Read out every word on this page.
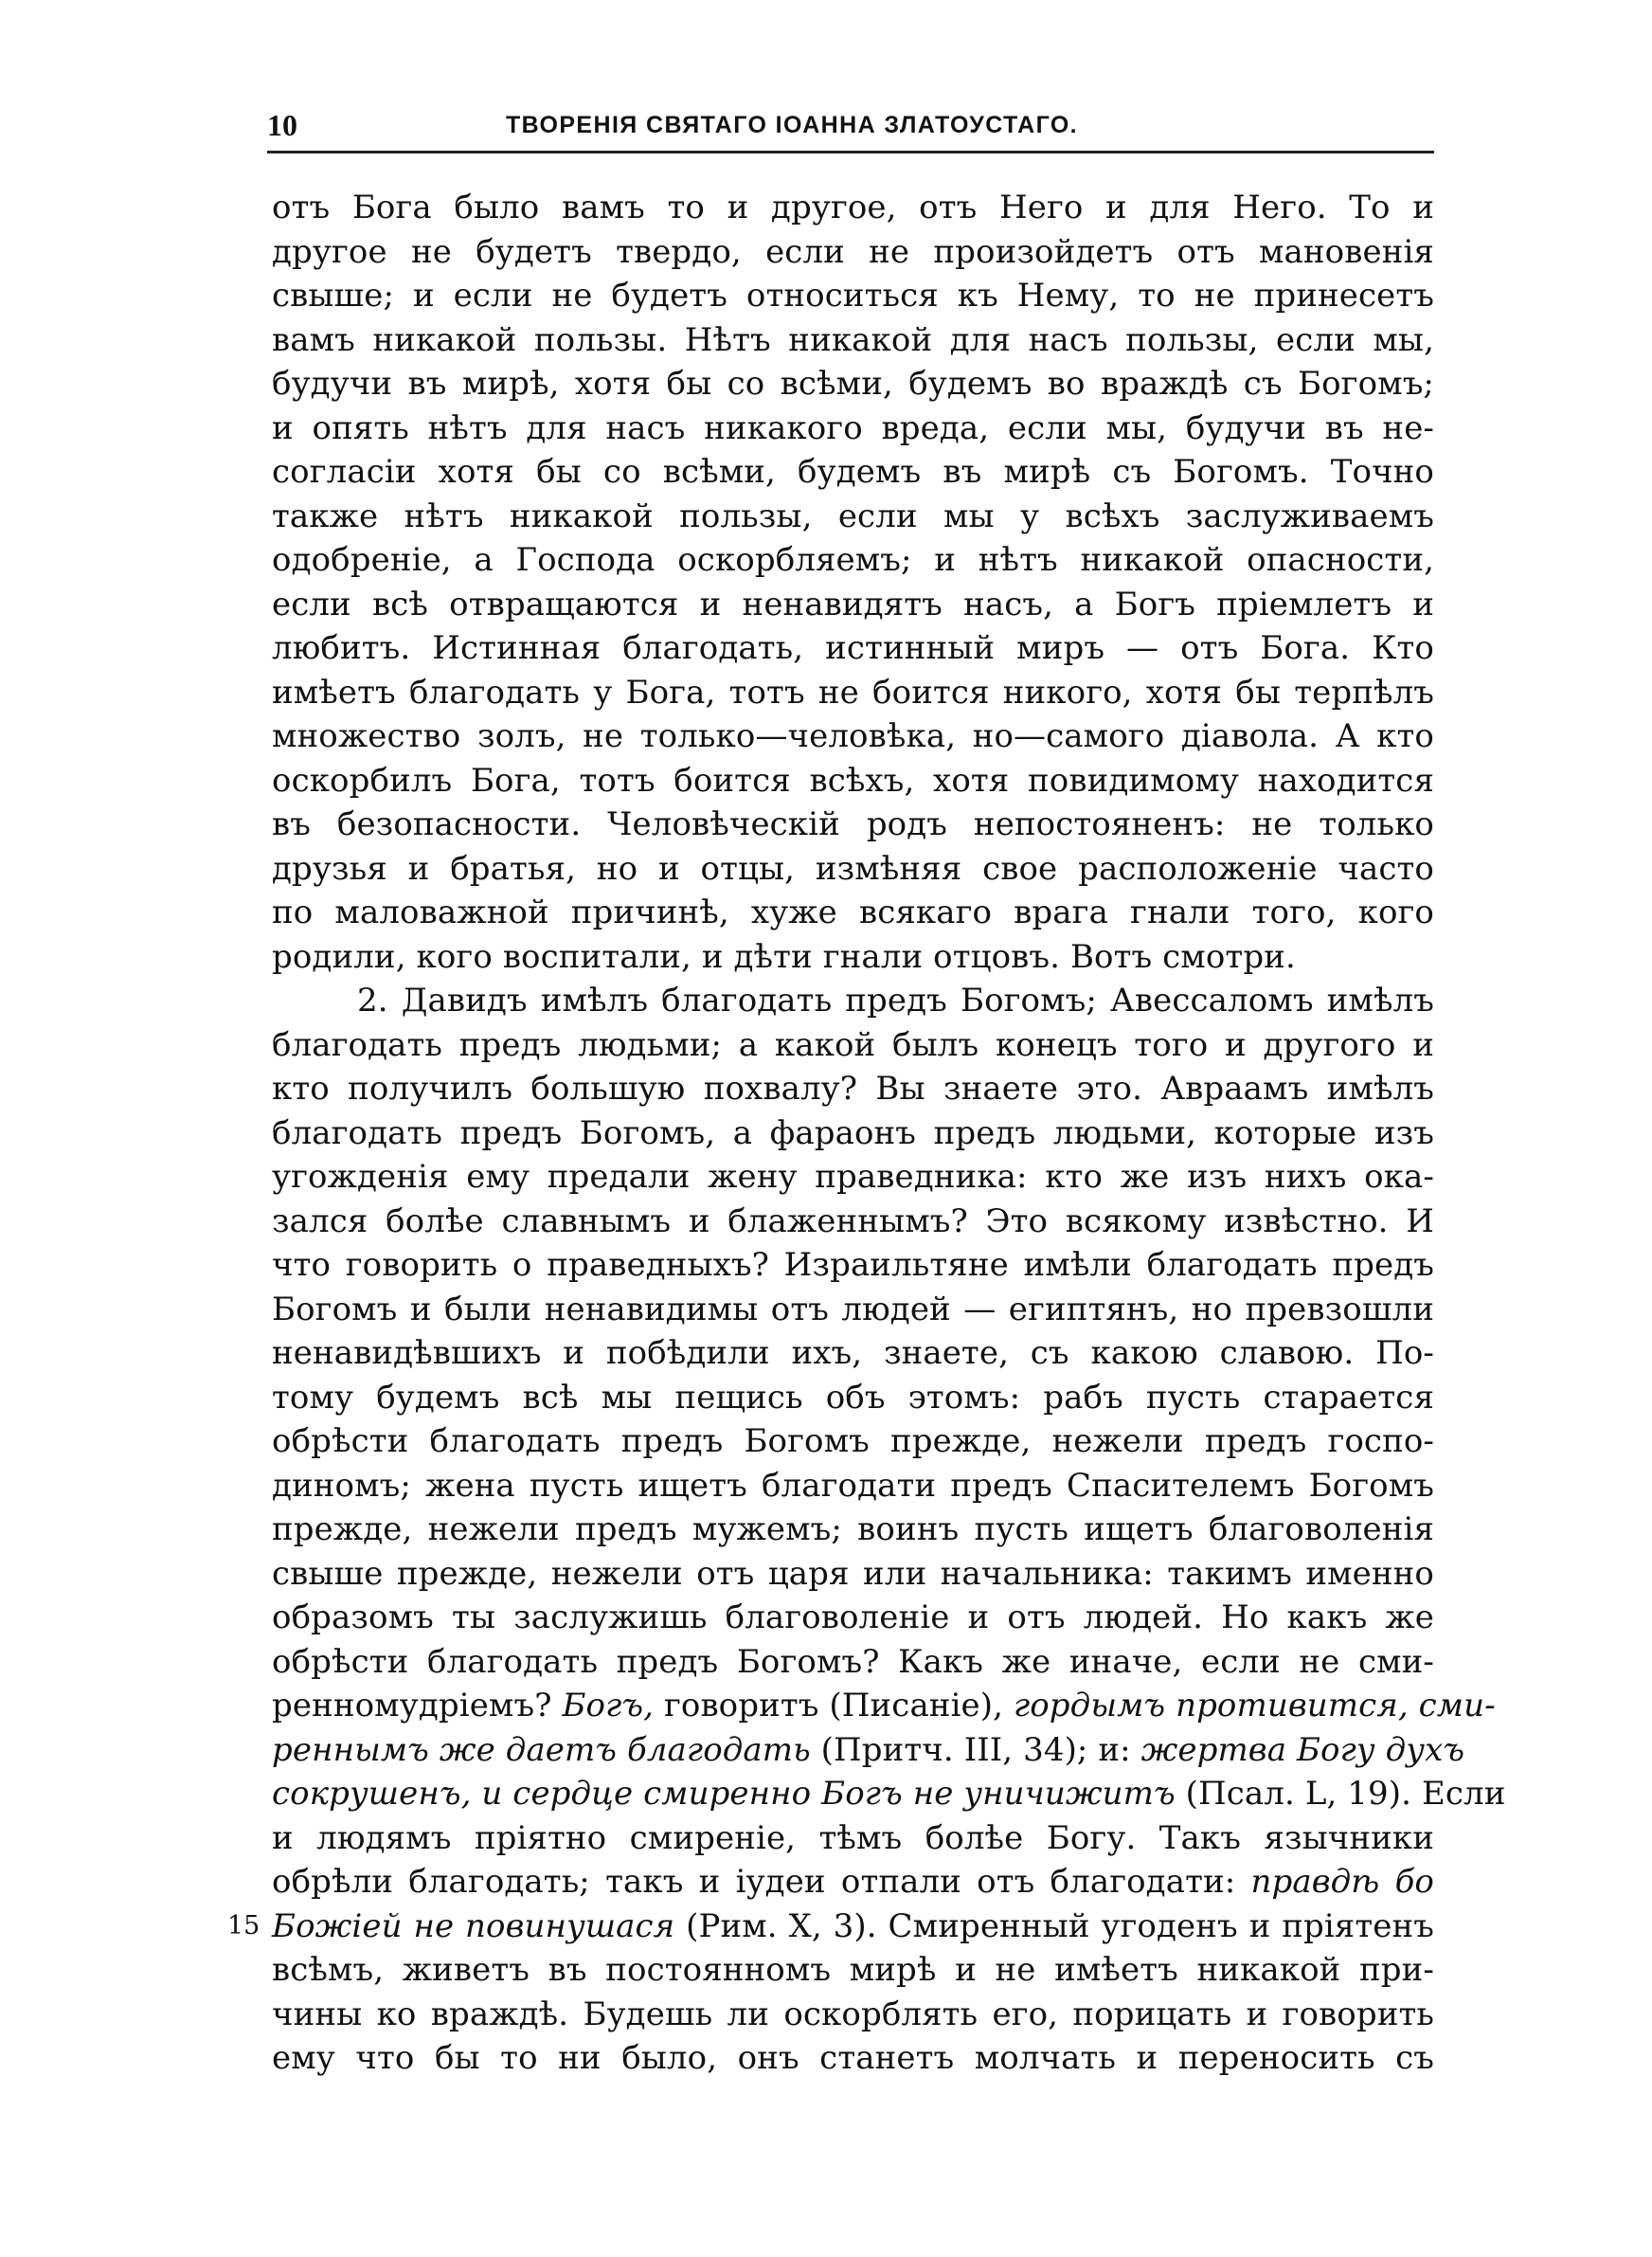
10	ТВОРЕНІЯ СВЯТАГО ІОАННА ЗЛАТОУСТАГО.
отъ Бога было вамъ то и другое, отъ Него и для Него. То и
другое не будетъ твердо, если не произойдетъ отъ мановенія
свыше; и если не будетъ относиться къ Нему, то не принесетъ
вамъ никакой пользы. Нѣтъ никакой для насъ пользы, если мы,
будучи въ мирѣ, хотя бы со всѣми, будемъ во враждѣ съ Богомъ;
и опять нѣтъ для насъ никакого вреда, если мы, будучи въ не-
согласіи хотя бы со всѣми, будемъ въ мирѣ съ Богомъ. Точно
также нѣтъ никакой пользы, если мы у всѣхъ заслуживаемъ
одобреніе, а Господа оскорбляемъ; и нѣтъ никакой опасности,
если всѣ отвращаются и ненавидятъ насъ, а Богъ пріемлетъ и
любитъ. Истинная благодать, истинный миръ — отъ Бога. Кто
имѣетъ благодать у Бога, тотъ не боится никого, хотя бы терпѣлъ
множество золъ, не только—человѣка, но—самого діавола. А кто
оскорбилъ Бога, тотъ боится всѣхъ, хотя повидимому находится
въ безопасности. Человѣческій родъ непостояненъ: не только
друзья и братья, но и отцы, измѣняя свое расположеніе часто
по маловажной причинѣ, хуже всякаго врага гнали того, кого
родили, кого воспитали, и дѣти гнали отцовъ. Вотъ смотри.
2. Давидъ имѣлъ благодать предъ Богомъ; Авессаломъ имѣлъ
благодать предъ людьми; а какой былъ конецъ того и другого и
кто получилъ большую похвалу? Вы знаете это. Авраамъ имѣлъ
благодать предъ Богомъ, а фараонъ предъ людьми, которые изъ
угожденія ему предали жену праведника: кто же изъ нихъ ока-
зался болѣе славнымъ и блаженнымъ? Это всякому извѣстно. И
что говорить о праведныхъ? Израильтяне имѣли благодать предъ
Богомъ и были ненавидимы отъ людей — египтянъ, но превзошли
ненавидѣвшихъ и побѣдили ихъ, знаете, съ какою славою. По-
тому будемъ всѣ мы пещись объ этомъ: рабъ пусть старается
обрѣсти благодать предъ Богомъ прежде, нежели предъ госпо-
диномъ; жена пусть ищетъ благодати предъ Спасителемъ Богомъ
прежде, нежели предъ мужемъ; воинъ пусть ищетъ благоволенія
свыше прежде, нежели отъ царя или начальника: такимъ именно
образомъ ты заслужишь благоволеніе и отъ людей. Но какъ же
обрѣсти благодать предъ Богомъ? Какъ же иначе, если не сми-
ренномудріемъ? Богъ, говоритъ (Писаніе), гордымъ противится, сми-
реннымъ же даетъ благодать (Притч. III, 34); и: жертва Богу духъ
сокрушенъ, и сердце смиренно Богъ не уничижитъ (Псал. L, 19). Если
и людямъ пріятно смиреніе, тѣмъ болѣе Богу. Такъ язычники
обрѣли благодать; такъ и іудеи отпали отъ благодати: правдѣ бо
15 Божіей не повинушася (Рим. X, 3). Смиренный угоденъ и пріятенъ
всѣмъ, живетъ въ постоянномъ мирѣ и не имѣетъ никакой при-
чины ко враждѣ. Будешь ли оскорблять его, порицать и говорить
ему что бы то ни было, онъ станетъ молчать и переносить съ
